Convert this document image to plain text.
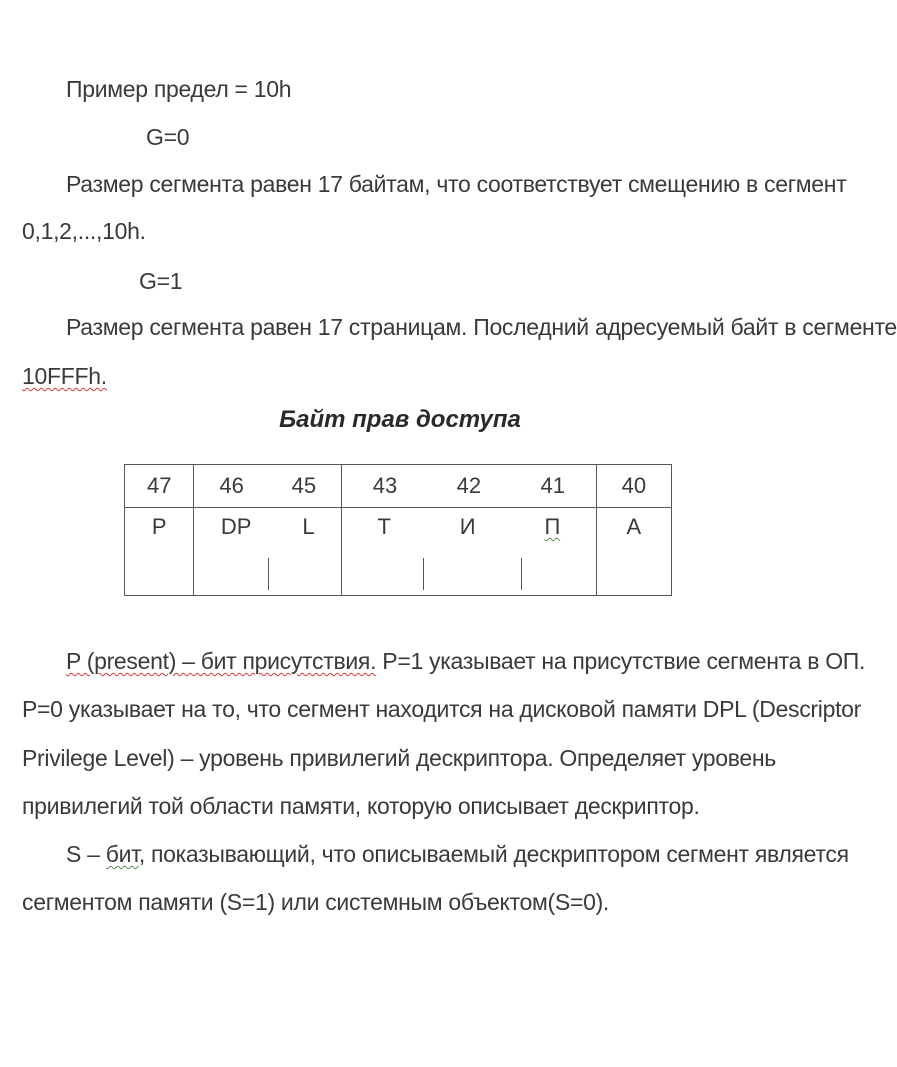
Пример предел = 10h
G=0
Размер сегмента равен 17 байтам, что соответствует смещению в сегмент
0,1,2,...,10h.
G=1
Размер сегмента равен 17 страницам. Последний адресуемый байт в сегменте
10FFFh.
Байт прав доступа
47	46 45	43 42 41	40
P	DP L	T И П	A
P (present) – бит присутствия. P=1 указывает на присутствие сегмента в ОП.
P=0 указывает на то, что сегмент находится на дисковой памяти DPL (Descriptor
Privilege Level) – уровень привилегий дескриптора. Определяет уровень
привилегий той области памяти, которую описывает дескриптор.
S – бит, показывающий, что описываемый дескриптором сегмент является
сегментом памяти (S=1) или системным объектом(S=0).
